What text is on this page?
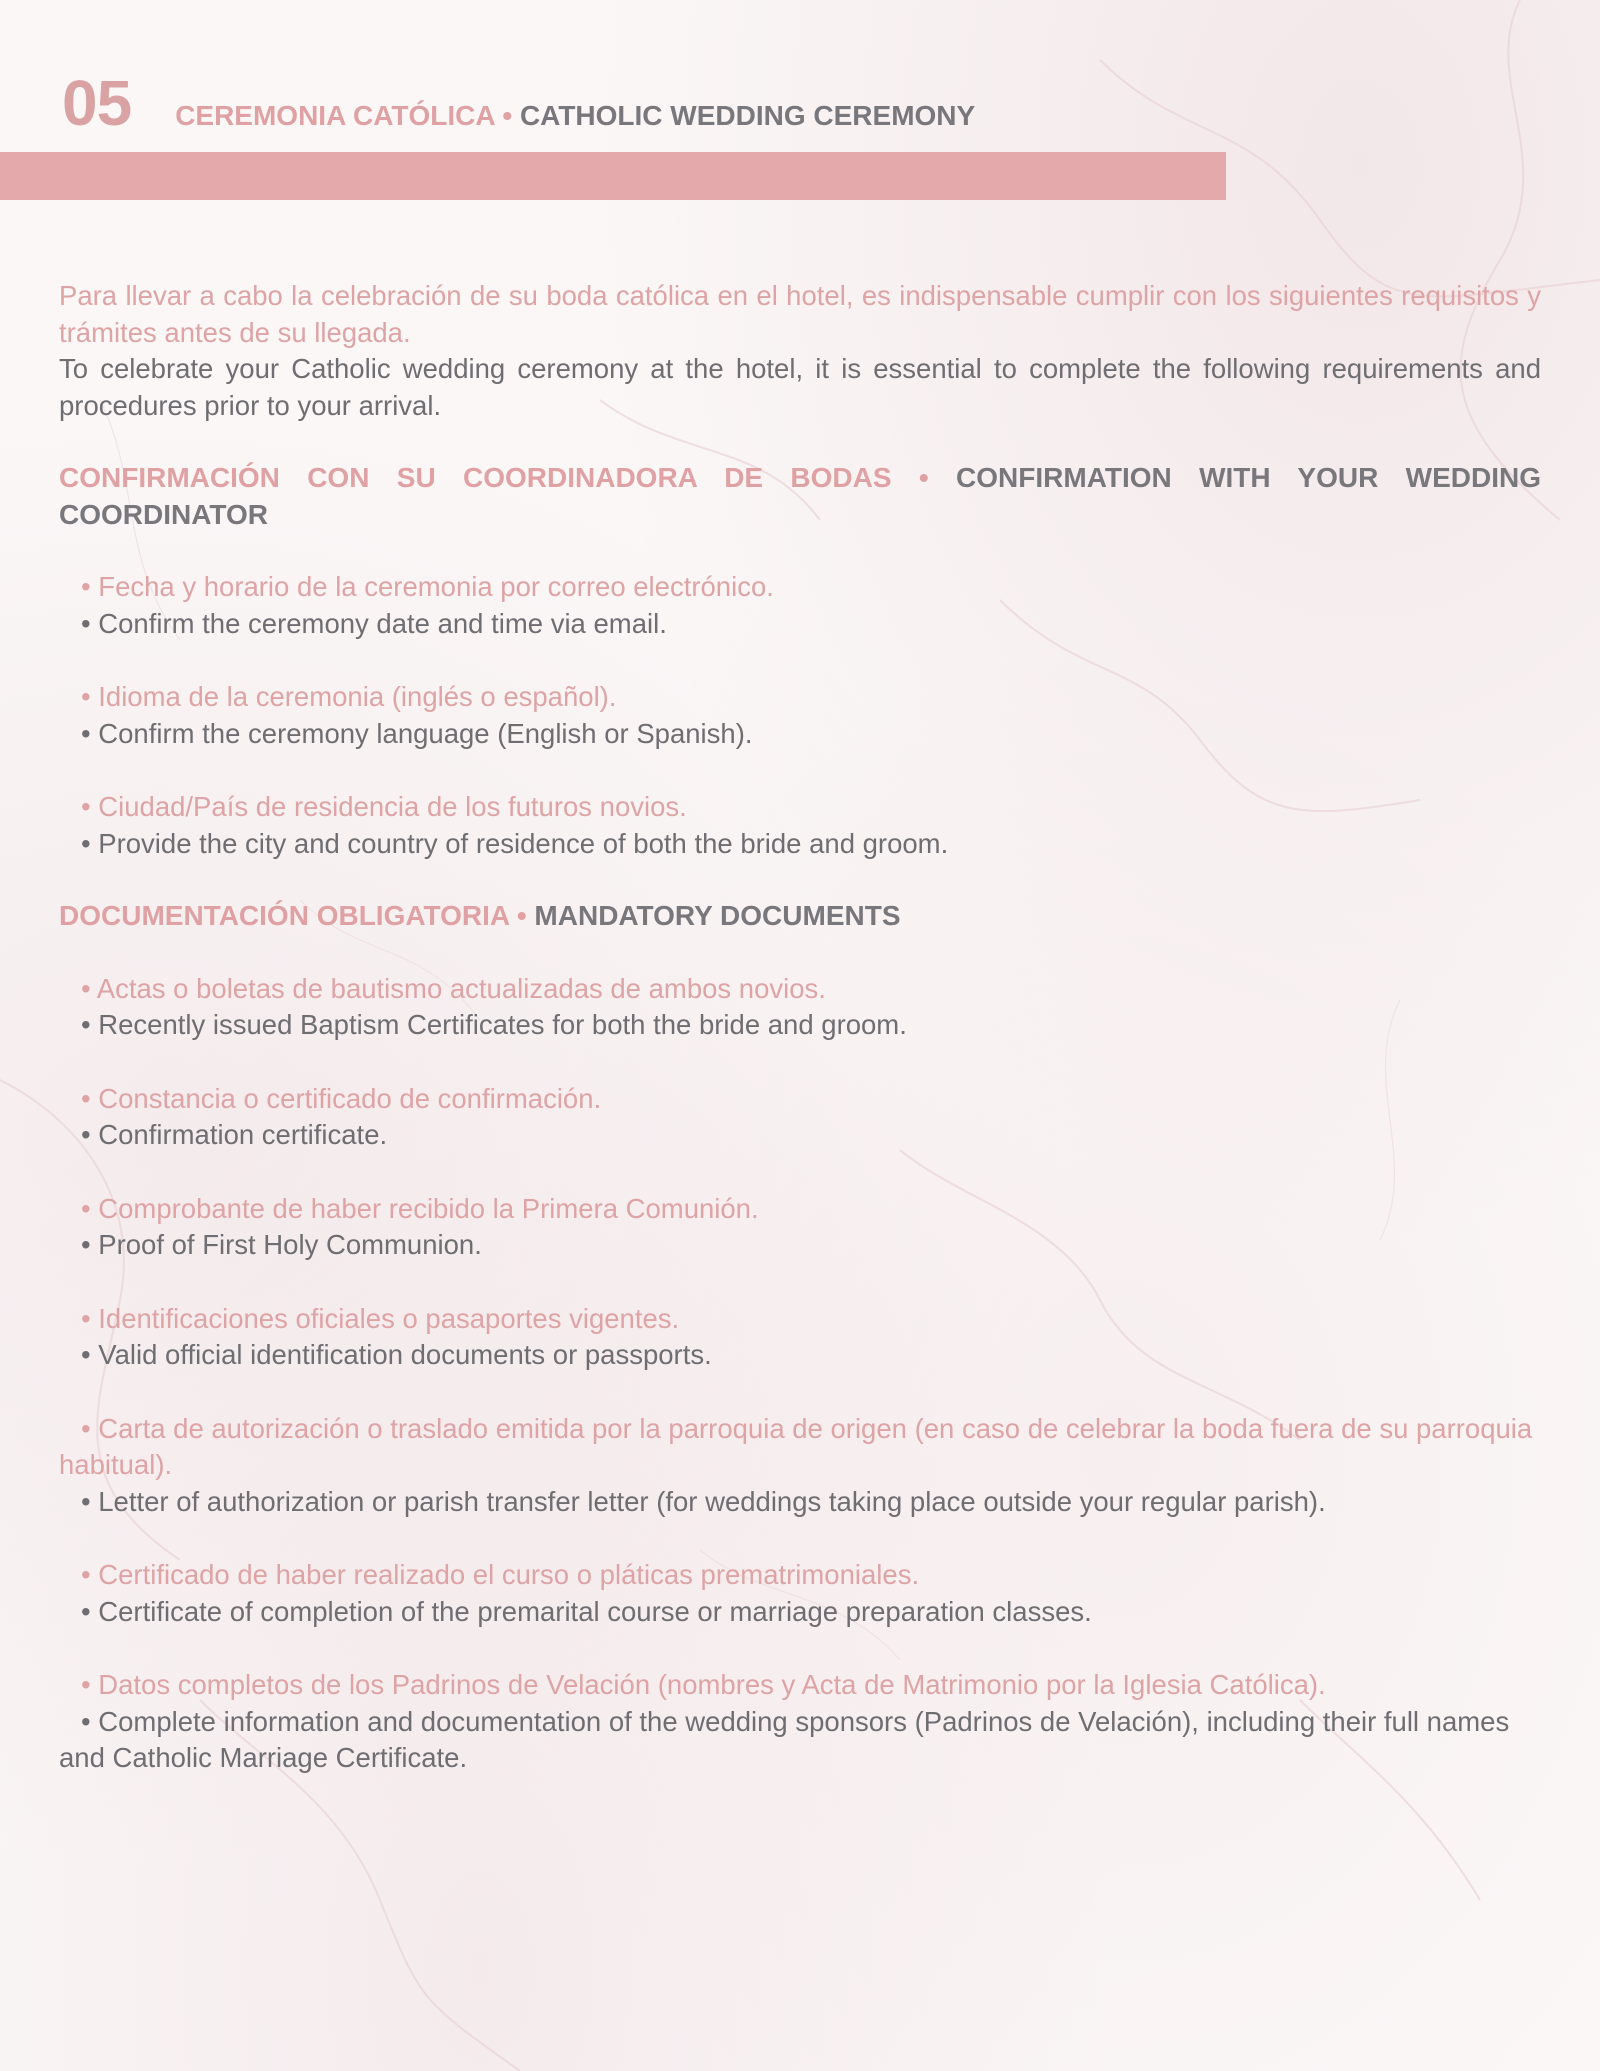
05 CEREMONIA CATÓLICA • CATHOLIC WEDDING CEREMONY
Para llevar a cabo la celebración de su boda católica en el hotel, es indispensable cumplir con los siguientes requisitos y trámites antes de su llegada.
To celebrate your Catholic wedding ceremony at the hotel, it is essential to complete the following requirements and procedures prior to your arrival.
CONFIRMACIÓN CON SU COORDINADORA DE BODAS • CONFIRMATION WITH YOUR WEDDING COORDINATOR
• Fecha y horario de la ceremonia por correo electrónico.
• Confirm the ceremony date and time via email.
• Idioma de la ceremonia (inglés o español).
• Confirm the ceremony language (English or Spanish).
• Ciudad/País de residencia de los futuros novios.
• Provide the city and country of residence of both the bride and groom.
DOCUMENTACIÓN OBLIGATORIA • MANDATORY DOCUMENTS
• Actas o boletas de bautismo actualizadas de ambos novios.
• Recently issued Baptism Certificates for both the bride and groom.
• Constancia o certificado de confirmación.
• Confirmation certificate.
• Comprobante de haber recibido la Primera Comunión.
• Proof of First Holy Communion.
• Identificaciones oficiales o pasaportes vigentes.
• Valid official identification documents or passports.
• Carta de autorización o traslado emitida por la parroquia de origen (en caso de celebrar la boda fuera de su parroquia habitual).
• Letter of authorization or parish transfer letter (for weddings taking place outside your regular parish).
• Certificado de haber realizado el curso o pláticas prematrimoniales.
• Certificate of completion of the premarital course or marriage preparation classes.
• Datos completos de los Padrinos de Velación (nombres y Acta de Matrimonio por la Iglesia Católica).
• Complete information and documentation of the wedding sponsors (Padrinos de Velación), including their full names and Catholic Marriage Certificate.
